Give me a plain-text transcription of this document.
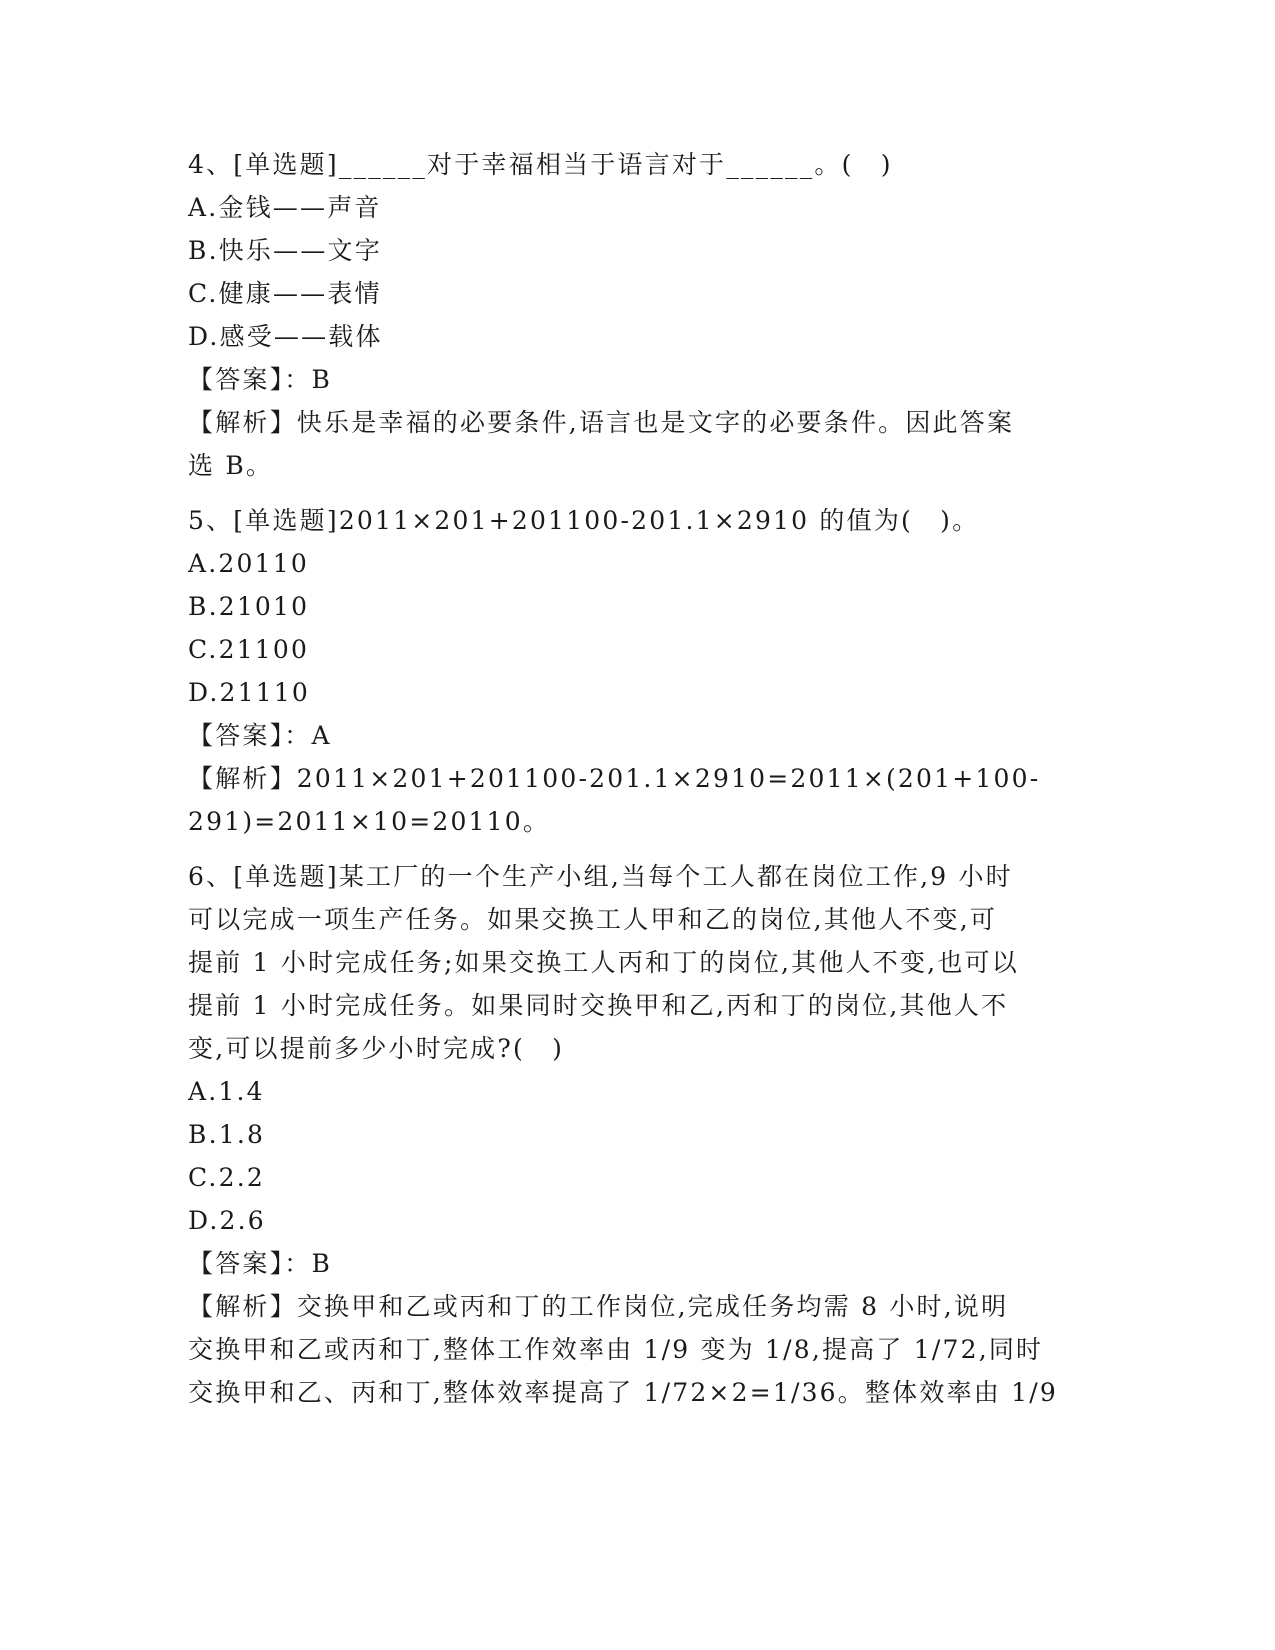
4、[单选题]______对于幸福相当于语言对于______。(　)
A.金钱——声音
B.快乐——文字
C.健康——表情
D.感受——载体
【答案】：B
【解析】快乐是幸福的必要条件,语言也是文字的必要条件。因此答案
选 B。
5、[单选题]2011×201+201100-201.1×2910 的值为(　)。
A.20110
B.21010
C.21100
D.21110
【答案】：A
【解析】2011×201+201100-201.1×2910=2011×(201+100-
291)=2011×10=20110。
6、[单选题]某工厂的一个生产小组,当每个工人都在岗位工作,9 小时
可以完成一项生产任务。如果交换工人甲和乙的岗位,其他人不变,可
提前 1 小时完成任务;如果交换工人丙和丁的岗位,其他人不变,也可以
提前 1 小时完成任务。如果同时交换甲和乙,丙和丁的岗位,其他人不
变,可以提前多少小时完成?(　)
A.1.4
B.1.8
C.2.2
D.2.6
【答案】：B
【解析】交换甲和乙或丙和丁的工作岗位,完成任务均需 8 小时,说明
交换甲和乙或丙和丁,整体工作效率由 1/9 变为 1/8,提高了 1/72,同时
交换甲和乙、丙和丁,整体效率提高了 1/72×2=1/36。整体效率由 1/9
